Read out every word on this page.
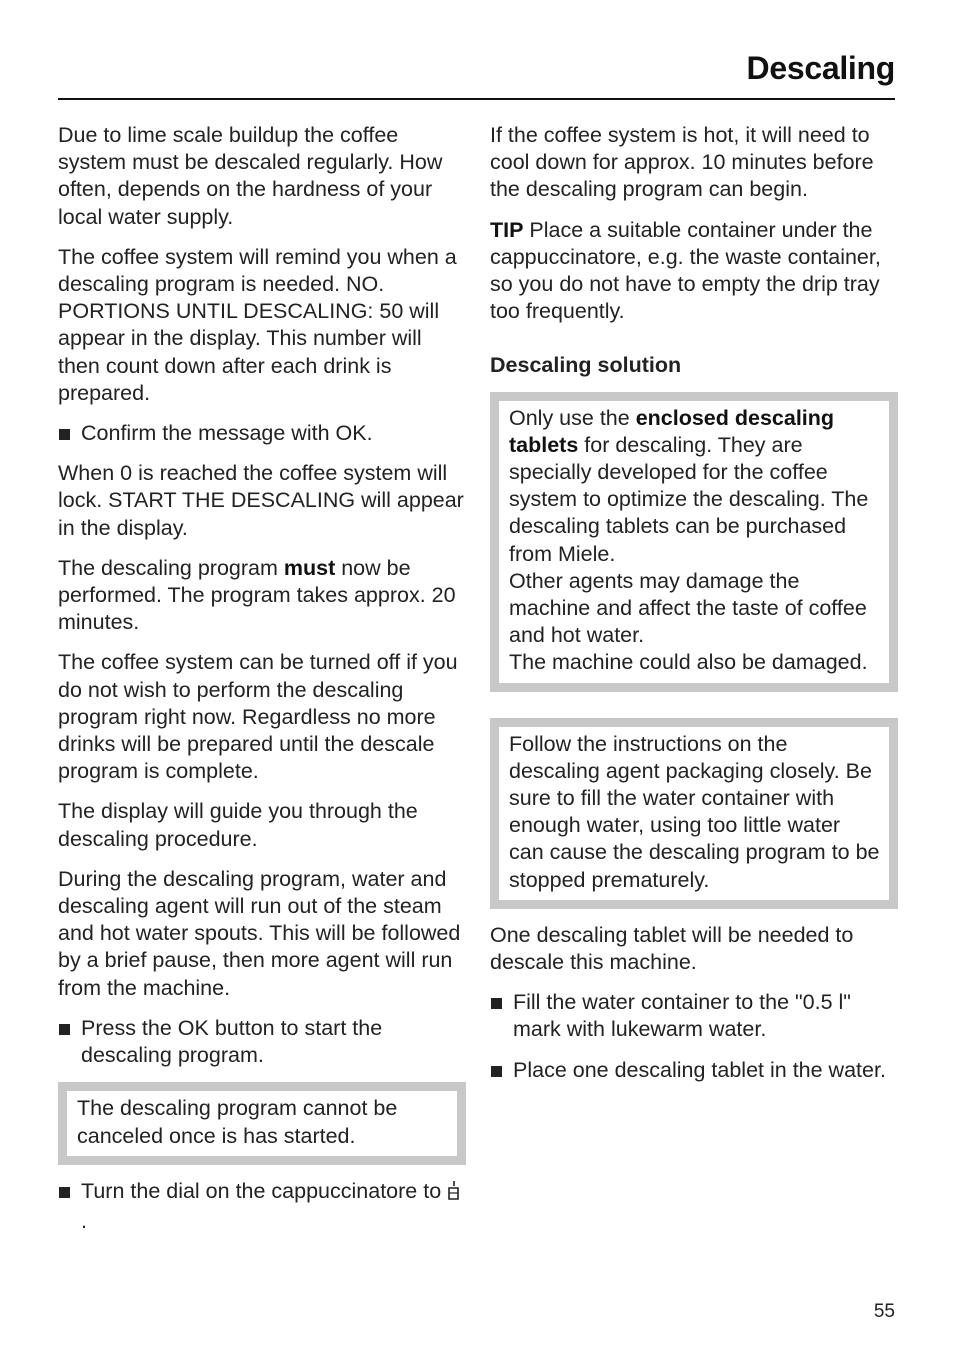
Descaling

Due to lime scale buildup the coffee system must be descaled regularly. How often, depends on the hardness of your local water supply.

The coffee system will remind you when a descaling program is needed. NO. PORTIONS UNTIL DESCALING: 50 will appear in the display. This number will then count down after each drink is prepared.

Confirm the message with OK.

When 0 is reached the coffee system will lock. START THE DESCALING will appear in the display.

The descaling program must now be performed. The program takes approx. 20 minutes.

The coffee system can be turned off if you do not wish to perform the descaling program right now. Regardless no more drinks will be prepared until the descale program is complete.

The display will guide you through the descaling procedure.

During the descaling program, water and descaling agent will run out of the steam and hot water spouts. This will be followed by a brief pause, then more agent will run from the machine.

Press the OK button to start the descaling program.
The descaling program cannot be canceled once is has started.
Turn the dial on the cappuccinatore to .

If the coffee system is hot, it will need to cool down for approx. 10 minutes before the descaling program can begin.

TIP Place a suitable container under the cappuccinatore, e.g. the waste container, so you do not have to empty the drip tray too frequently.

Descaling solution
Only use the enclosed descaling tablets for descaling. They are specially developed for the coffee system to optimize the descaling. The descaling tablets can be purchased from Miele.
Other agents may damage the machine and affect the taste of coffee and hot water.
The machine could also be damaged.
Follow the instructions on the descaling agent packaging closely. Be sure to fill the water container with enough water, using too little water can cause the descaling program to be stopped prematurely.

One descaling tablet will be needed to descale this machine.

Fill the water container to the "0.5 l" mark with lukewarm water.
Place one descaling tablet in the water.
55
